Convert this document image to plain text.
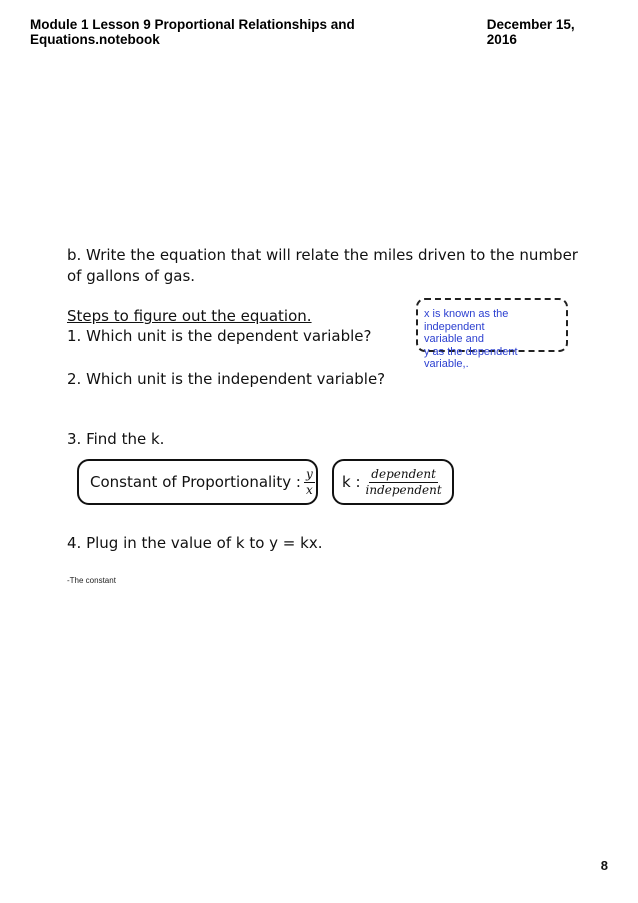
Module 1 Lesson 9 Proportional Relationships and Equations.notebook
December 15, 2016
b. Write the equation that will relate the miles driven to the number
of gallons of gas.
Steps to figure out the equation.
1. Which unit is the dependent variable?
2. Which unit is the independent variable?
3. Find the k.
x is known as the independent
variable and
y as the dependent variable,.
Constant of Proportionality : $\frac{y}{x}$ k : $\frac{\text{dependent}}{\text{independent}}$
4. Plug in the value of k to y = kx.
-The constant
8
